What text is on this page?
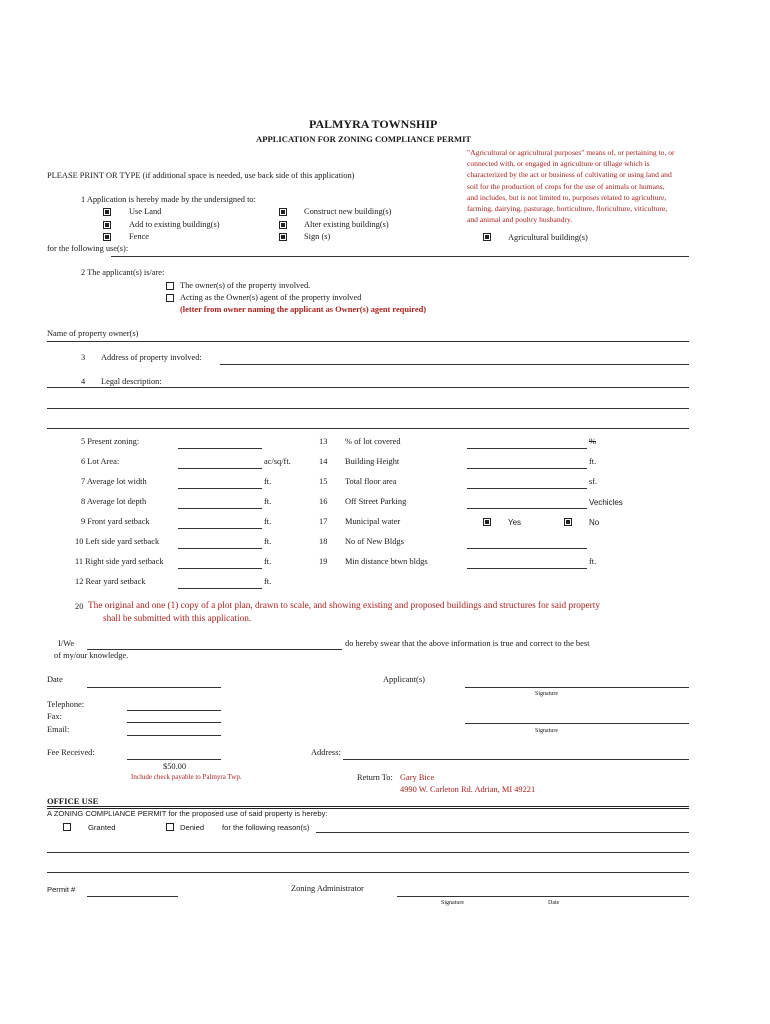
PALMYRA TOWNSHIP
APPLICATION FOR ZONING COMPLIANCE PERMIT
"Agricultural or agricultural purposes" means of, or pertaining to, or
connected with, or engaged in agriculture or tillage which is
characterized by the act or business of cultivating or using land and
soil for the production of crops for the use of animals or humans,
and includes, but is not limited to, purposes related to agriculture,
farming, dairying, pasturage, horticulture, floriculture, viticulture,
and animal and poultry husbandry.
PLEASE PRINT OR TYPE (if additional space is needed, use back side of this application)
1 Application is hereby made by the undersigned to:
Use Land
Add to existing building(s)
Fence
Construct new building(s)
Alter existing building(s)
Sign (s)	Agricultural building(s)
for the following use(s):
2 The applicant(s) is/are:
The owner(s) of the property involved.
Acting as the Owner(s) agent of the property involved
(letter from owner naming the applicant as Owner(s) agent required)
Name of property owner(s)
3 Address of property involved:
4 Legal description:
5 Present zoning:
6 Lot Area:	ac/sq/ft.
7 Average lot width	ft.
8 Average lot depth	ft.
9 Front yard setback	ft.
10 Left side yard setback	ft.
11 Right side yard setback	ft.
12 Rear yard setback	ft.
13 % of lot covered	%
14 Building Height	ft.
15 Total floor area	sf.
16 Off Street Parking	Vechicles
17 Municipal water	Yes	No
18 No of New Bldgs
19 Min distance btwn bldgs	ft.
20 The original and one (1) copy of a plot plan, drawn to scale, and showing existing and proposed buildings and structures for said property
shall be submitted with this application.
I/We	do hereby swear that the above information is true and correct to the best
of my/our knowledge.
Date	Applicant(s)
Signature
Telephone:
Fax:
Email:	Signature
Fee Received:	Address:
$50.00
Include check payable to Palmyra Twp.	Return To: Gary Bice
4990 W. Carleton Rd. Adrian, MI 49221
OFFICE USE
A ZONING COMPLIANCE PERMIT for the proposed use of said property is hereby:
Granted	Denied for the following reason(s)
Permit #	Zoning Administrator
Signature	Date
